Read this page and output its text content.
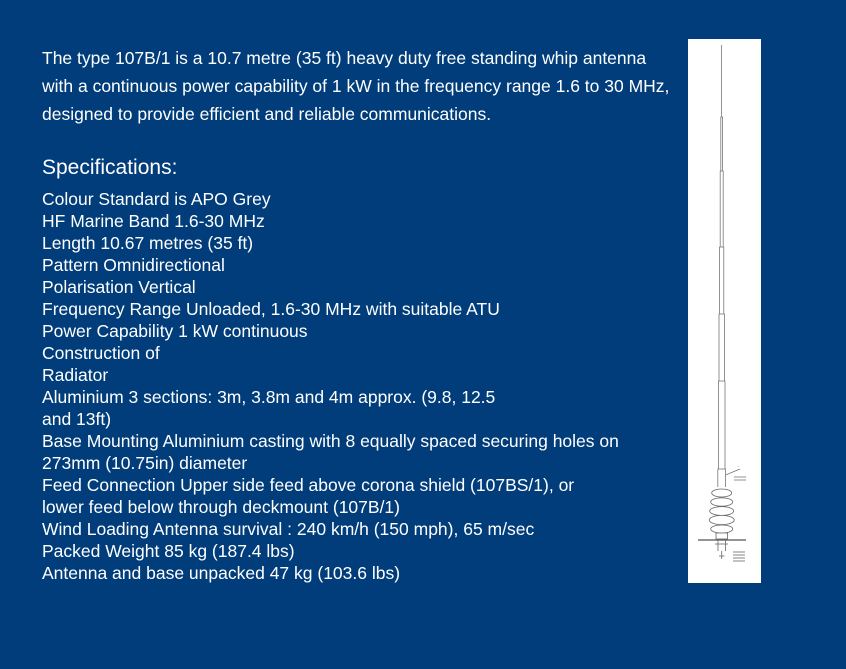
The type 107B/1 is a 10.7 metre (35 ft) heavy duty free standing whip antenna with a continuous power capability of 1 kW in the frequency range 1.6 to 30 MHz, designed to provide efficient and reliable communications.

Specifications:
Colour Standard is APO Grey
HF Marine Band 1.6-30 MHz
Length 10.67 metres (35 ft)
Pattern Omnidirectional
Polarisation Vertical
Frequency Range Unloaded, 1.6-30 MHz with suitable ATU
Power Capability 1 kW continuous
Construction of
Radiator
Aluminium 3 sections: 3m, 3.8m and 4m approx. (9.8, 12.5
and 13ft)
Base Mounting Aluminium casting with 8 equally spaced securing holes on
273mm (10.75in) diameter
Feed Connection Upper side feed above corona shield (107BS/1), or
lower feed below through deckmount (107B/1)
Wind Loading Antenna survival : 240 km/h (150 mph), 65 m/sec
Packed Weight 85 kg (187.4 lbs)
Antenna and base unpacked 47 kg (103.6 lbs)
~
